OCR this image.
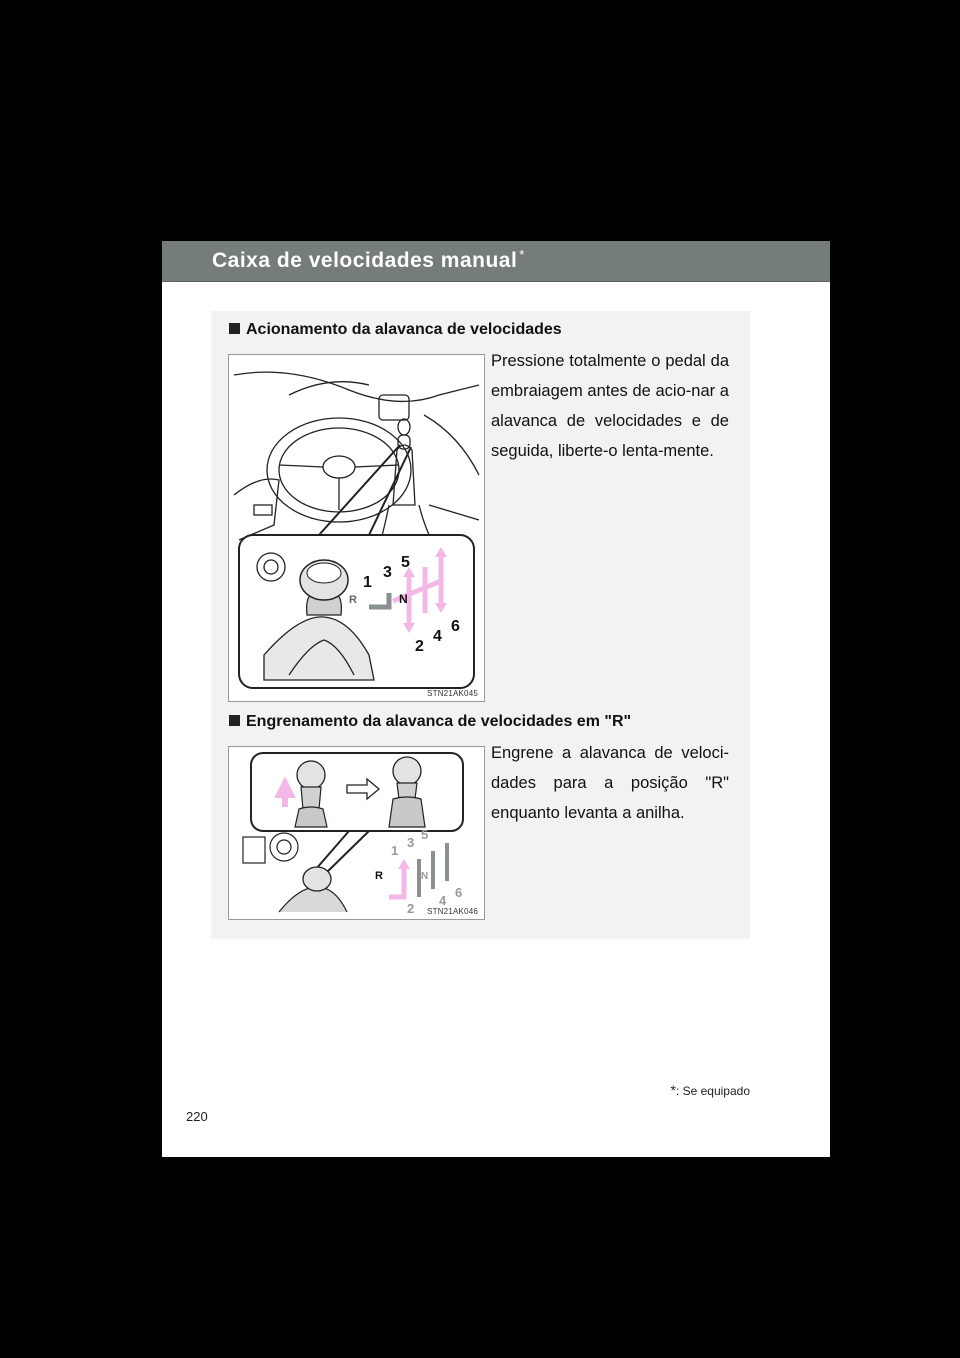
Caixa de velocidades manual *
Acionamento da alavanca de velocidades
Pressione totalmente o pedal da embraiagem antes de acio-nar a alavanca de velocidades e de seguida, liberte-o lenta-mente.
1
3
5
N
2
4
6
R
STN21AK045
Engrenamento da alavanca de velocidades em "R"
Engrene a alavanca de veloci-dades para a posição "R" enquanto levanta a anilha.
R
1
3
5
N
2
4
6
STN21AK046
*: Se equipado
220
